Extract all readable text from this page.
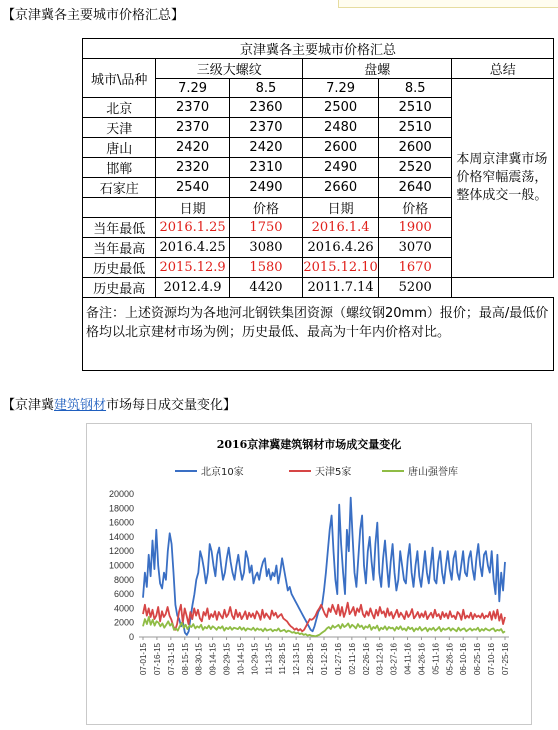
【京津冀各主要城市价格汇总】
京津冀各主要城市价格汇总					
城市\品种	三级大螺纹		盘螺		总结
	7.29	8.5	7.29	8.5	本周京津冀市场价格窄幅震荡，整体成交一般。
北京	2370	2360	2500	2510	
天津	2370	2370	2480	2510	
唐山	2420	2420	2600	2600	
邯郸	2320	2310	2490	2520	
石家庄	2540	2490	2660	2640	
	日期	价格	日期	价格	
当年最低	2016.1.25	1750	2016.1.4	1900	
当年最高	2016.4.25	3080	2016.4.26	3070	
历史最低	2015.12.9	1580	2015.12.10	1670	
历史最高	2012.4.9	4420	2011.7.14	5200	
备注：上述资源均为各地河北钢铁集团资源（螺纹钢20mm）报价；最高/最低价格均以北京建材市场为例；历史最低、最高为十年内价格对比。					
【京津冀建筑钢材市场每日成交量变化】
2016京津冀建筑钢材市场成交量变化
0
2000
4000
6000
8000
10000
12000
14000
16000
18000
20000
07-01-15 07-16-15 07-31-15 08-15-15 08-30-15 09-14-15 09-29-15 10-14-15 10-29-15 11-13-15 11-28-15 12-13-15 12-28-15 01-12-16 01-27-16 02-11-16 02-26-16 03-12-16 03-27-16 04-11-16 04-26-16 05-11-16 05-26-16 06-10-16 06-25-16 07-10-16 07-25-16
北京10家	天津5家	唐山强誉库
